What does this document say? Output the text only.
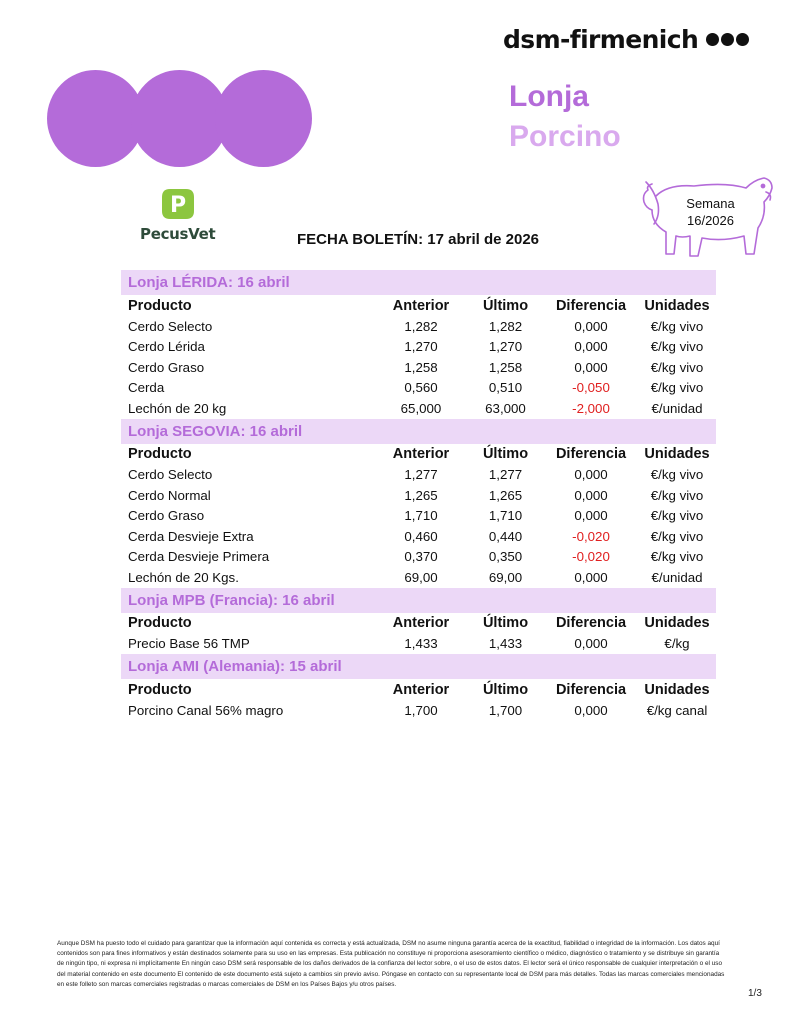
dsm-firmenich
Lonja
Porcino
P
PecusVet
Semana
16/2026
FECHA BOLETÍN: 17 abril de 2026
Lonja LÉRIDA: 16 abril
Producto	Anterior	Último	Diferencia	Unidades
Cerdo Selecto	1,282	1,282	0,000	€/kg vivo
Cerdo Lérida	1,270	1,270	0,000	€/kg vivo
Cerdo Graso	1,258	1,258	0,000	€/kg vivo
Cerda	0,560	0,510	-0,050	€/kg vivo
Lechón de 20 kg	65,000	63,000	-2,000	€/unidad
Lonja SEGOVIA: 16 abril
Producto	Anterior	Último	Diferencia	Unidades
Cerdo Selecto	1,277	1,277	0,000	€/kg vivo
Cerdo Normal	1,265	1,265	0,000	€/kg vivo
Cerdo Graso	1,710	1,710	0,000	€/kg vivo
Cerda Desvieje Extra	0,460	0,440	-0,020	€/kg vivo
Cerda Desvieje Primera	0,370	0,350	-0,020	€/kg vivo
Lechón de 20 Kgs.	69,00	69,00	0,000	€/unidad
Lonja MPB (Francia): 16 abril
Producto	Anterior	Último	Diferencia	Unidades
Precio Base 56 TMP	1,433	1,433	0,000	€/kg
Lonja AMI (Alemania): 15 abril
Producto	Anterior	Último	Diferencia	Unidades
Porcino Canal 56% magro	1,700	1,700	0,000	€/kg canal
Aunque DSM ha puesto todo el cuidado para garantizar que la información aquí contenida es correcta y está actualizada, DSM no asume ninguna garantía acerca de la exactitud, fiabilidad o integridad de la información. Los datos aquí contenidos son para fines informativos y están destinados solamente para su uso en las empresas. Esta publicación no constituye ni proporciona asesoramiento científico o médico, diagnóstico o tratamiento y se distribuye sin garantía de ningún tipo, ni expresa ni implícitamente En ningún caso DSM será responsable de los daños derivados de la confianza del lector sobre, o el uso de estos datos. El lector será el único responsable de cualquier interpretación o el uso del material contenido en este documento El contenido de este documento está sujeto a cambios sin previo aviso. Póngase en contacto con su representante local de DSM para más detalles. Todas las marcas comerciales mencionadas en este folleto son marcas comerciales registradas o marcas comerciales de DSM en los Países Bajos y/u otros países.
1/3
